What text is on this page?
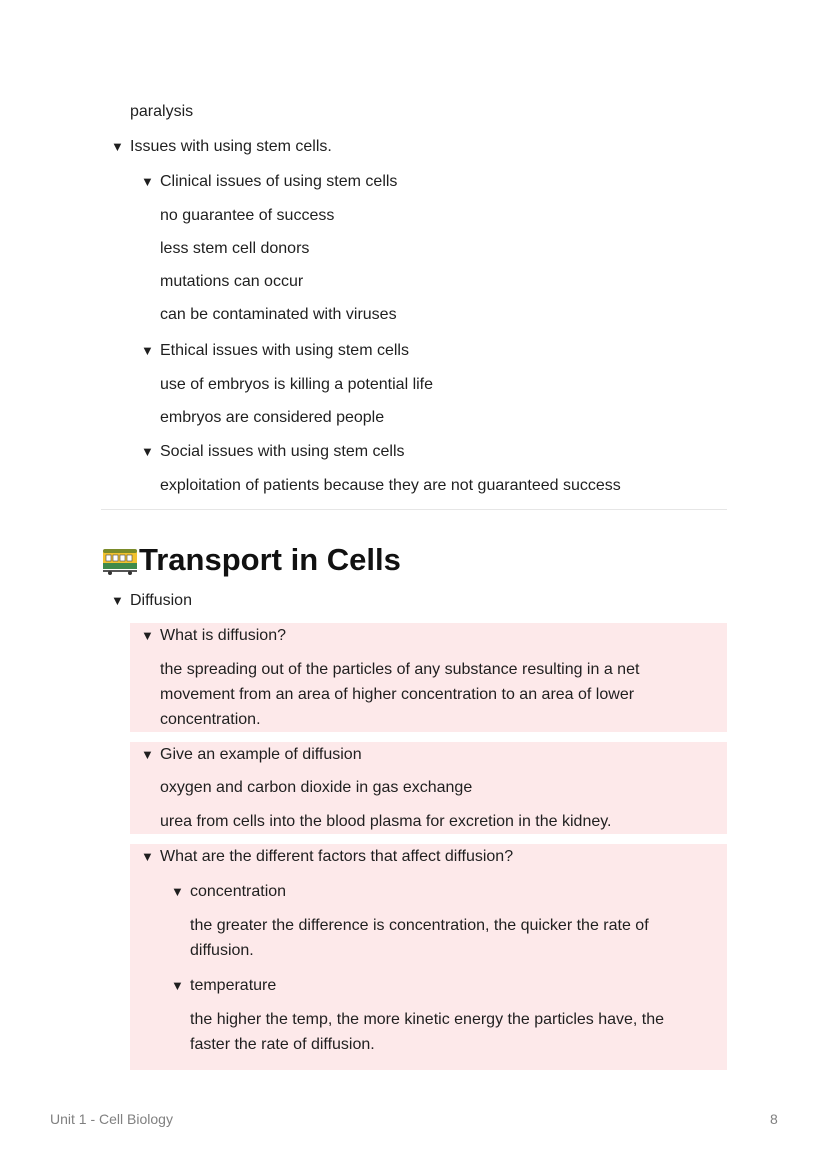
paralysis
▼ Issues with using stem cells.
▼ Clinical issues of using stem cells
no guarantee of success
less stem cell donors
mutations can occur
can be contaminated with viruses
▼ Ethical issues with using stem cells
use of embryos is killing a potential life
embryos are considered people
▼ Social issues with using stem cells
exploitation of patients because they are not guaranteed success
Transport in Cells
▼ Diffusion
▼ What is diffusion?
the spreading out of the particles of any substance resulting in a net movement from an area of higher concentration to an area of lower concentration.
▼ Give an example of diffusion
oxygen and carbon dioxide in gas exchange
urea from cells into the blood plasma for excretion in the kidney.
▼ What are the different factors that affect diffusion?
▼ concentration
the greater the difference is concentration, the quicker the rate of diffusion.
▼ temperature
the higher the temp, the more kinetic energy the particles have, the faster the rate of diffusion.
Unit 1 - Cell Biology	8
